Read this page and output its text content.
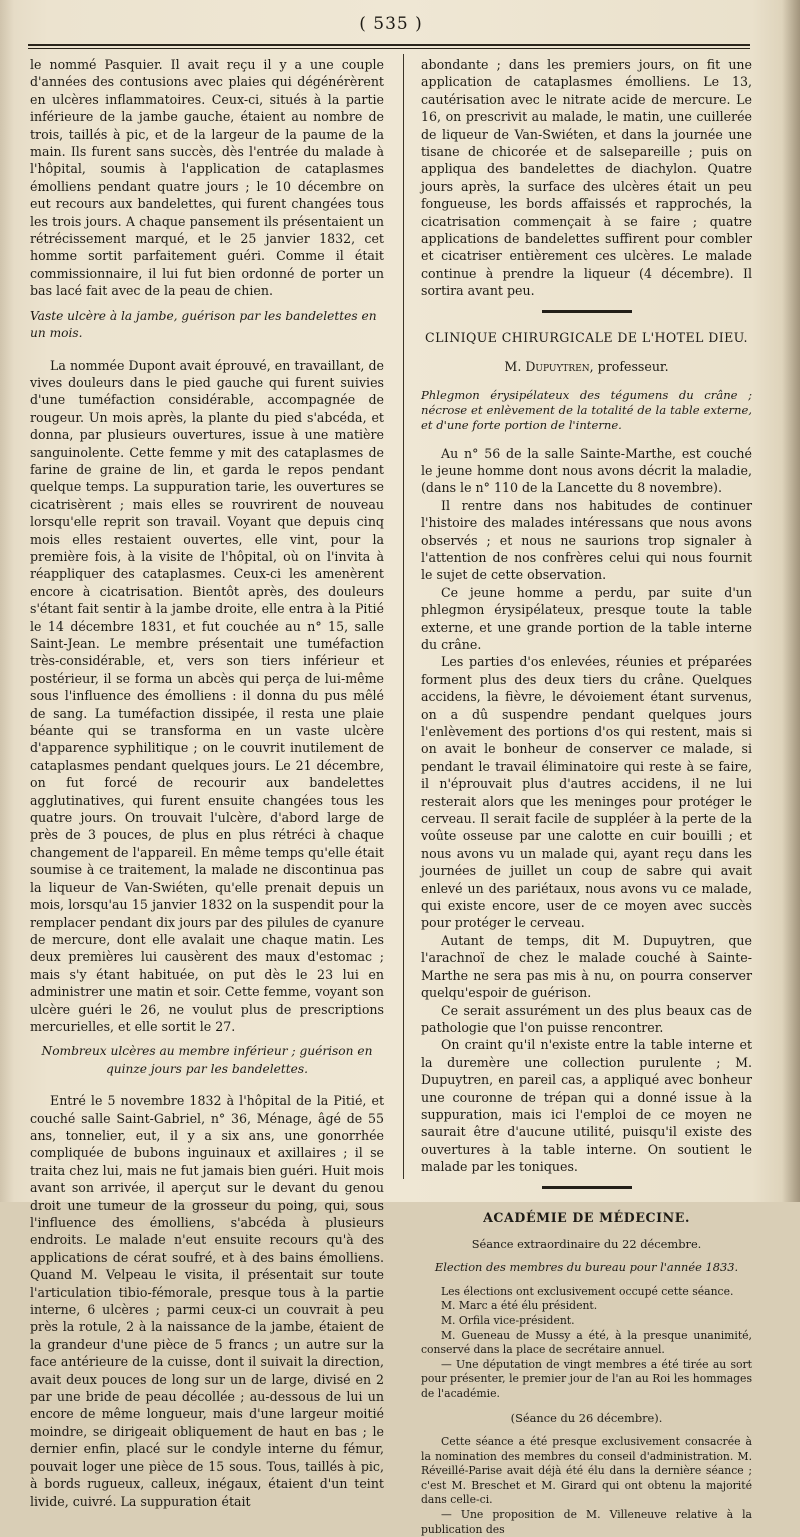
( 535 )

le nommé Pasquier. Il avait reçu il y a une couple d'années des contusions avec plaies qui dégénérèrent en ulcères inflammatoires. Ceux-ci, situés à la partie inférieure de la jambe gauche, étaient au nombre de trois, taillés à pic, et de la largeur de la paume de la main. Ils furent sans succès, dès l'entrée du malade à l'hôpital, soumis à l'application de cataplasmes émolliens pendant quatre jours ; le 10 décembre on eut recours aux bandelettes, qui furent changées tous les trois jours. A chaque pansement ils présentaient un rétrécissement marqué, et le 25 janvier 1832, cet homme sortit parfaitement guéri. Comme il était commissionnaire, il lui fut bien ordonné de porter un bas lacé fait avec de la peau de chien.

Vaste ulcère à la jambe, guérison par les bandelettes en un mois.

La nommée Dupont avait éprouvé, en travaillant, de vives douleurs dans le pied gauche qui furent suivies d'une tuméfaction considérable, accompagnée de rougeur. Un mois après, la plante du pied s'abcéda, et donna, par plusieurs ouvertures, issue à une matière sanguinolente. Cette femme y mit des cataplasmes de farine de graine de lin, et garda le repos pendant quelque temps. La suppuration tarie, les ouvertures se cicatrisèrent ; mais elles se rouvrirent de nouveau lorsqu'elle reprit son travail. Voyant que depuis cinq mois elles restaient ouvertes, elle vint, pour la première fois, à la visite de l'hôpital, où on l'invita à réappliquer des cataplasmes. Ceux-ci les amenèrent encore à cicatrisation. Bientôt après, des douleurs s'étant fait sentir à la jambe droite, elle entra à la Pitié le 14 décembre 1831, et fut couchée au n° 15, salle Saint-Jean. Le membre présentait une tuméfaction très-considérable, et, vers son tiers inférieur et postérieur, il se forma un abcès qui perça de lui-même sous l'influence des émolliens : il donna du pus mêlé de sang. La tuméfaction dissipée, il resta une plaie béante qui se transforma en un vaste ulcère d'apparence syphilitique ; on le couvrit inutilement de cataplasmes pendant quelques jours. Le 21 décembre, on fut forcé de recourir aux bandelettes agglutinatives, qui furent ensuite changées tous les quatre jours. On trouvait l'ulcère, d'abord large de près de 3 pouces, de plus en plus rétréci à chaque changement de l'appareil. En même temps qu'elle était soumise à ce traitement, la malade ne discontinua pas la liqueur de Van-Swiéten, qu'elle prenait depuis un mois, lorsqu'au 15 janvier 1832 on la suspendit pour la remplacer pendant dix jours par des pilules de cyanure de mercure, dont elle avalait une chaque matin. Les deux premières lui causèrent des maux d'estomac ; mais s'y étant habituée, on put dès le 23 lui en administrer une matin et soir. Cette femme, voyant son ulcère guéri le 26, ne voulut plus de prescriptions mercurielles, et elle sortit le 27.

Nombreux ulcères au membre inférieur ; guérison en quinze jours par les bandelettes.

Entré le 5 novembre 1832 à l'hôpital de la Pitié, et couché salle Saint-Gabriel, n° 36, Ménage, âgé de 55 ans, tonnelier, eut, il y a six ans, une gonorrhée compliquée de bubons inguinaux et axillaires ; il se traita chez lui, mais ne fut jamais bien guéri. Huit mois avant son arrivée, il aperçut sur le devant du genou droit une tumeur de la grosseur du poing, qui, sous l'influence des émolliens, s'abcéda à plusieurs endroits. Le malade n'eut ensuite recours qu'à des applications de cérat soufré, et à des bains émolliens. Quand M. Velpeau le visita, il présentait sur toute l'articulation tibio-fémorale, presque tous à la partie interne, 6 ulcères ; parmi ceux-ci un couvrait à peu près la rotule, 2 à la naissance de la jambe, étaient de la grandeur d'une pièce de 5 francs ; un autre sur la face antérieure de la cuisse, dont il suivait la direction, avait deux pouces de long sur un de large, divisé en 2 par une bride de peau décollée ; au-dessous de lui un encore de même longueur, mais d'une largeur moitié moindre, se dirigeait obliquement de haut en bas ; le dernier enfin, placé sur le condyle interne du fémur, pouvait loger une pièce de 15 sous. Tous, taillés à pic, à bords rugueux, calleux, inégaux, étaient d'un teint livide, cuivré. La suppuration était

abondante ; dans les premiers jours, on fit une application de cataplasmes émolliens. Le 13, cautérisation avec le nitrate acide de mercure. Le 16, on prescrivit au malade, le matin, une cuillerée de liqueur de Van-Swiéten, et dans la journée une tisane de chicorée et de salsepareille ; puis on appliqua des bandelettes de diachylon. Quatre jours après, la surface des ulcères était un peu fongueuse, les bords affaissés et rapprochés, la cicatrisation commençait à se faire ; quatre applications de bandelettes suffirent pour combler et cicatriser entièrement ces ulcères. Le malade continue à prendre la liqueur (4 décembre). Il sortira avant peu.

CLINIQUE CHIRURGICALE DE L'HOTEL DIEU.

M. Dupuytren, professeur.

Phlegmon érysipélateux des tégumens du crâne ; nécrose et enlèvement de la totalité de la table externe, et d'une forte portion de l'interne.

Au n° 56 de la salle Sainte-Marthe, est couché le jeune homme dont nous avons décrit la maladie, (dans le n° 110 de la Lancette du 8 novembre).

Il rentre dans nos habitudes de continuer l'histoire des malades intéressans que nous avons observés ; et nous ne saurions trop signaler à l'attention de nos confrères celui qui nous fournit le sujet de cette observation.

Ce jeune homme a perdu, par suite d'un phlegmon érysipélateux, presque toute la table externe, et une grande portion de la table interne du crâne.

Les parties d'os enlevées, réunies et préparées forment plus des deux tiers du crâne. Quelques accidens, la fièvre, le dévoiement étant survenus, on a dû suspendre pendant quelques jours l'enlèvement des portions d'os qui restent, mais si on avait le bonheur de conserver ce malade, si pendant le travail éliminatoire qui reste à se faire, il n'éprouvait plus d'autres accidens, il ne lui resterait alors que les meninges pour protéger le cerveau. Il serait facile de suppléer à la perte de la voûte osseuse par une calotte en cuir bouilli ; et nous avons vu un malade qui, ayant reçu dans les journées de juillet un coup de sabre qui avait enlevé un des pariétaux, nous avons vu ce malade, qui existe encore, user de ce moyen avec succès pour protéger le cerveau.

Autant de temps, dit M. Dupuytren, que l'arachnoï de chez le malade couché à Sainte-Marthe ne sera pas mis à nu, on pourra conserver quelqu'espoir de guérison.

Ce serait assurément un des plus beaux cas de pathologie que l'on puisse rencontrer.

On craint qu'il n'existe entre la table interne et la duremère une collection purulente ; M. Dupuytren, en pareil cas, a appliqué avec bonheur une couronne de trépan qui a donné issue à la suppuration, mais ici l'emploi de ce moyen ne saurait être d'aucune utilité, puisqu'il existe des ouvertures à la table interne. On soutient le malade par les toniques.

ACADÉMIE DE MÉDECINE.

Séance extraordinaire du 22 décembre.

Election des membres du bureau pour l'année 1833.

Les élections ont exclusivement occupé cette séance.

M. Marc a été élu président.

M. Orfila vice-président.

M. Gueneau de Mussy a été, à la presque unanimité, conservé dans la place de secrétaire annuel.

— Une députation de vingt membres a été tirée au sort pour présenter, le premier jour de l'an au Roi les hommages de l'académie.

(Séance du 26 décembre).

Cette séance a été presque exclusivement consacrée à la nomination des membres du conseil d'administration. M. Réveillé-Parise avait déjà été élu dans la dernière séance ; c'est M. Breschet et M. Girard qui ont obtenu la majorité dans celle-ci.

— Une proposition de M. Villeneuve relative à la publication des
